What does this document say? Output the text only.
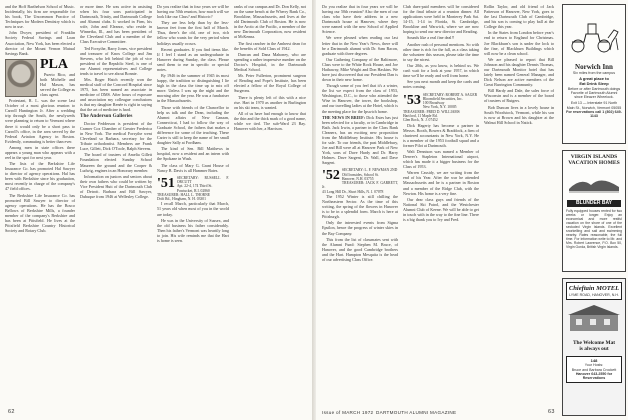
and the Hoff Barthelson School of Music. Incidentally, his firm are responsible for his book, The Uncommon Practice of Techniques for Modern Dentistry which is now in use.

John Dwyer, president of Franklin Society Federal Savings and Loan Association, New York, has been elected a director of the Mount Vernon Mutual Savings Bank.

PLA

Puerto Rico, and both Michelle and Hal Mason, has served the College as class agent.

Protestant, R. L. was the scene last October of a most glorious reunion to Carroll Huntington Jr. After a wedding trip through the South, the newlyweds were planning to return to Vermont where there it would only be a short pass to Carroll's office, in the area served by the Federal Aviation Agency in Boston. Evidently, commuting is better than ever.

Among men in state offices there appears a young man who appears with a reel in the spot for next year.

The lists of the Berkshire Life Insurance Co. has promoted Hal Sawyer to director of agency operations. Hal has been with Berkshire since his graduation, most recently in charge of the company's 47 field offices.

The Berkshire Life Insurance Co. has promoted Bill Sawyer to director of agency operations. He has the Bosco Bellows of Berkshire Mills, a founder member of the company's Berkshire and has been at Pittsfield. He lives at the Pittsfield Berkshire Country Historical Society and Rotary Club.

or more time. He was active in assisting when his four sons participated in Dartmouth, Trinity, and Dartmouth College and Alumni clubs. It worked in Firm, his wife, John and Eleanor, who reside in Winnetka, Ill., and has been president of the Cleveland Club and a member of the Class Executive Committee.

Ted Forsythe, Barry Jones, vice president and treasurer of Knox College and Jim Stevens, who left behind the job of vice president of the Republic Steel, is one of our Alumni representatives and College tends to travel to see about Bonnie.

Mrs. Roger Hatch recently won the medical staff of the Concord Hospital since 1975, has been named an associate in medicine of DMS. After hours of exposure and association my colleague conclusions is that my daughter Renée is right in saying that the art of medicine is hard.

The Anderson Galleries

Doctor Fedderson is president of the Cramer Cox Chamber of Greater Frederica in New York. The medical Forsythe went Cleveland so Barbara, secretary for the Tribute orthodontist. Members are Frank Luce, Gillett, Dick O'Toole, Ralph Stevens.

The board of trustees of Amelia Gillett Foundation elected Sunday School Maureen the ground and the Cooper & Ludwig, engines in an Honorary member.

Information on juniors and seniors about their own fathers who could be written by Vice President Hutt of the Dartmouth Club of Detroit. Barbara and Bill Sawyer, Dubuque from 1946 at Wellesley College.

Do you realize that in four years we will be having our 50th reunion, how much will we look like our Class? and Historic?

They are less help than by the less-known feet from the first half of March. Thus, there's the old, one of two, rich fellow who wants for the very period when holidays usually occurs.

Recent graduates. If you find items like. If I feel I stand as an undergraduate in Hanover during Sunday, the class. Please send them to me in specific or special notes.

By 1946 in the summer of 1945 its most happy, the tradition so distinguishing I lie high in the class the time up to mix off more. Unless I was up the night and the morning after the year. He was a fundraiser in the Massachusetts.

Those with friends of the Chancellor to help us talk and the Dean, including the Alumni affairs of New Canaan, Connecticut, I had to follow the way of Graduate School, the fathers that makes a difference for some of the teaching. These Carter is still to keep the name of her small daughter Sally at Fordham.

The kind of Sen. Bill Matthews in hospital, now a resident and an intern with the Spokane in Wash.

The class of Mary G. Grant House of Nancy B. Davis is all Hammer Bates.

'51 SECRETARY: RUSSELL F. ORCUTT

Apt. 22-4, 174 Third St.

Pawtucket, R.I. 02860

TREASURER: HALL L. THORNE

Drift Rd., Hingham, N. H. 03301

I recall March, particularly that March, 51 years old when most of you in the world are today.

He was in the University of Sussex, and the old business his father considerably. Then his father's Vermont was heartily long to join. His wife reminds me that the Hart is home is seen.

ranks of our campus and Dr. Don Kelly, not on the same bench at the Wherry Bank Co., Brookline, Massachusetts, and lives at the old Dartmouth Club of Boston. He is now in the Arctic at the Pacific, a member of the new Dartmouth Corporation, now resident at McKenna.

The first rancher in the Amherst dean for the benefits of Sold Class of 1942.

Duncan and Dana Mahoney, who are spending a rather impressive number on the Doctor's Hospital, in the Dartmouth Medical School.

Mr. Peter Fullerton, prominent surgeon of Reading and Pope's Institute, has been elected a fellow of the Royal College of Surgeons.

There is plenty left of this with a nice rise. Hart in 1970 as another in Burlington on his ski team, is wanted.

All of us have had enough to know that the thin and the thick mark of a good name, while we tied. The sub-Ward 23 Bay. Hanover with her, a Harrison.

62

Do you realize that in four years we will be having our 50th reunion? Also the men of our class who have their address in a new Dartmouth house at Hanover, where they were named with the new School of Applied Science.

We were pleased when reading our last letter that in the New Year's News, there will be a Dartmouth alumni with Dr. Sam Bacon, graduate with three degrees.

Our Gathering Company of the Baltimore, Class were to the White Rock House, and Joe Hathaway, Mike Wright and Don Haskins. We have just discovered that our President Dan is down in their new home.

Though some of you feel that it's a winter, the list we expect from the class of 1953, Washington, D.C., to those who attended the Wise in Hanover, the tower, the bookshop, and our travelling ladies at the Hotel, which is the meeting place for the Ipswich home.

THE NEWS IN BRIEF: Dick Estes has just been selected for a faculty, or in Cambridge in Bath. Jack Irwin, a partner in the Class Bank Cleaners, has an exciting new proposition from the Middlebury Institute. His house is for sale. To our friends, the past Middlebury, Joe and Bill were all at Hanover Park of New York, sons of Dave Hardy and Dr. Harry Holmes. Dave Sargent, Dr. Wall, and Dave Sargent.

'52 SECRETARY: L. F. NEWMAN 2ND

Old Ironsides, School St.

Hanover, N.H. 03755

TREASURER: JACK F. GARRETT, Jr.

43 Long Hill Dr., Short Hills, N. J. 07078

The 1952 Winter is still chilling the Northeastern Sector. As the time of this writing, the spring of the flowers in Hanover is to be in a splendid form. March is here at Pittsburgh.

Only the interested events from Sigma Epsilon, hence the progress of winter skies in the Bay Company.

This from the list of classmates sent with the Alumni Fund: Stephen M. Bruce, of Hanover, and the good Cambridge brothers and the Hart. Hampton Mesquita is the head of our advertising Class Office.

Club dues-paid members will be considered for the final tribute at a reunion dinner. All applications were held in Monterey Park Sat. 14-15, 1-14 in Florida, St. Cambridge, Brookline and Warwick, where we are now hoping to send our new director and Reading.

Sounds like a real fine deal!!

Another rash of personal mentions. So with other time is rich for the fall, as a class taking the volunteer this season, please take the time to say the nicest.

Our 20th, as you know, is behind us. We can't wait for a look at your 1957, in which time we'll be ready and well from home.

See you next month and keep the cards and notes coming.

'53 SECRETARY: ROBERT A. SAGER

Bloomfield Securities, Inc.

100 Broadway

New York, N.Y. 10005

TREASURER: FRED D. WILLIAMS

Hartford, 11 Maple Rd.

Glen Rock, N. J. 07452

Dick Hagerty has become a partner in Messrs. Booth, Bowers & Braddock, a firm of chartered accountants in New York, N.Y. He is a member of the 1953 football squad and a former Pilot at Dartmouth.

Walt Dennison was named a Member of Denver's Stapleton International airport, which has made it a bigger business for the Class of 1953.

Warren Cassidy, we are writing from the end of his Year. After the war he attended Massachusetts and he is a partner in Boston and a member of the Ridge Club, with the Newton. His home is a very fine.

Our dear class guys and friends of the National Ski Patrol, and the Westchester Alumni Club of Keene. We will be able to get in touch with in the way to the fine line. There is a big thank you to Ivy and Fred.

Rollin Taylor, and old friend of Jack Patterson of Hanover, New York, goes to the last Dartmouth Club of Cambridge, and his son is coming to play ball at the College this year.

In the States from London before year's end to return to England for Christmas. Joe Blackburn's son is under the lock to the fine, of Blackburn Buildings which will now be a clean school.

We are pleased to report that Bill Johnson and his daughter Dennis Thomas, our Dartmouth Monitor hotel that has lately been named General Manager, and Dick Nelson are active members of the Great Barrington Community.

Bill Hardy and Dale, the sales force of Wisconsin and is a member of the board of trustees of Rutgers.

Bob Duncan lives in a lovely house in South Woodstock, Vermont, while his son is now at Brown and his daughter at the Walnut Hill School in Natick.

DARTMOUTH ALUMNI MAGAZINE
Issue of MARCH 1972	63
Norwich Inn
Six miles from the campus
A great place to
Eat Drink Sleep
Before or after Dartmouth doings
Favorite of Dartmouth Alumni
since Eleazer Wheelock.
Exit 13 — Interstate 91 North
Main St., Norwich, Vermont 05055
For reservations call 1 (802) 649-1143
VIRGIN ISLANDS
VACATION HOMES
BLUNDER BAY
Fully equipped houses rented for two weeks or longer. Enjoy an economical and more restful vacation on the shore of one of the secluded Virgin Islands. Excellent snorkelling and sail and swimming nearby. Rates reasonable, the full time. For information write to Mr. and Mrs. Robert Lawrence, P.O. Box 50, Virgin Gorda, British Virgin Islands.
Chieftain MOTEL
LYME ROAD, HANOVER, N.H.
The Welcome Mat
is always out
148
Your Hosts:
Bruce and Barbara Crockett
Hanover 643-2550 for Reservations
